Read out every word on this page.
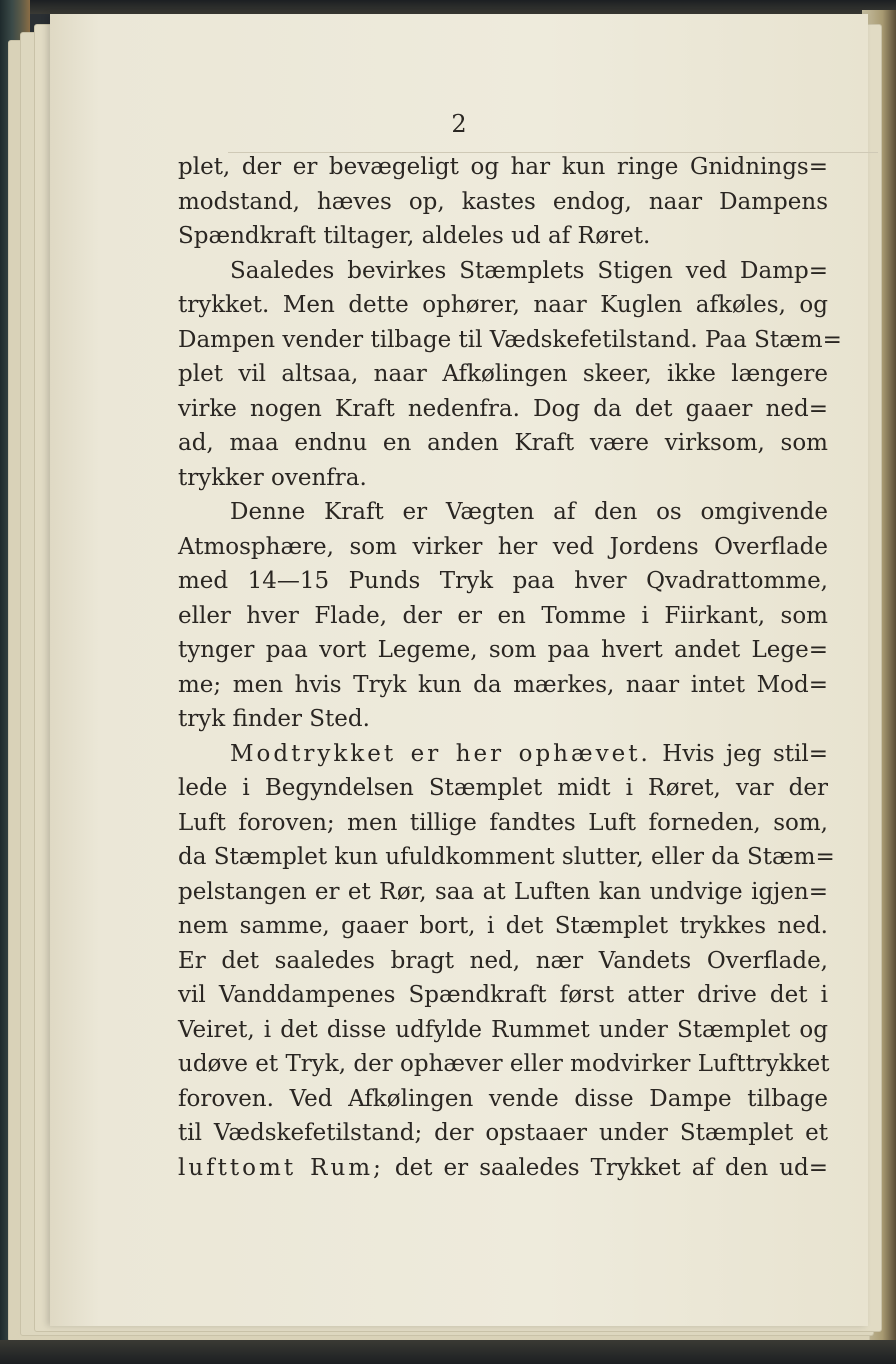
2

plet, der er bevægeligt og har kun ringe Gnidnings=
modstand, hæves op, kastes endog, naar Dampens
Spændkraft tiltager, aldeles ud af Røret.

Saaledes bevirkes Stæmplets Stigen ved Damp=
trykket. Men dette ophører, naar Kuglen afkøles, og
Dampen vender tilbage til Vædskefetilstand. Paa Stæm=
plet vil altsaa, naar Afkølingen skeer, ikke længere
virke nogen Kraft nedenfra. Dog da det gaaer ned=
ad, maa endnu en anden Kraft være virksom, som
trykker ovenfra.

Denne Kraft er Vægten af den os omgivende
Atmosphære, som virker her ved Jordens Overflade
med 14—15 Punds Tryk paa hver Qvadrattomme,
eller hver Flade, der er en Tomme i Fiirkant, som
tynger paa vort Legeme, som paa hvert andet Lege=
me; men hvis Tryk kun da mærkes, naar intet Mod=
tryk finder Sted.

Modtrykket er her ophævet. Hvis jeg stil=
lede i Begyndelsen Stæmplet midt i Røret, var der
Luft foroven; men tillige fandtes Luft forneden, som,
da Stæmplet kun ufuldkomment slutter, eller da Stæm=
pelstangen er et Rør, saa at Luften kan undvige igjen=
nem samme, gaaer bort, i det Stæmplet trykkes ned.
Er det saaledes bragt ned, nær Vandets Overflade,
vil Vanddampenes Spændkraft først atter drive det i
Veiret, i det disse udfylde Rummet under Stæmplet og
udøve et Tryk, der ophæver eller modvirker Lufttrykket
foroven. Ved Afkølingen vende disse Dampe tilbage
til Vædskefetilstand; der opstaaer under Stæmplet et
lufttomt Rum; det er saaledes Trykket af den ud=
